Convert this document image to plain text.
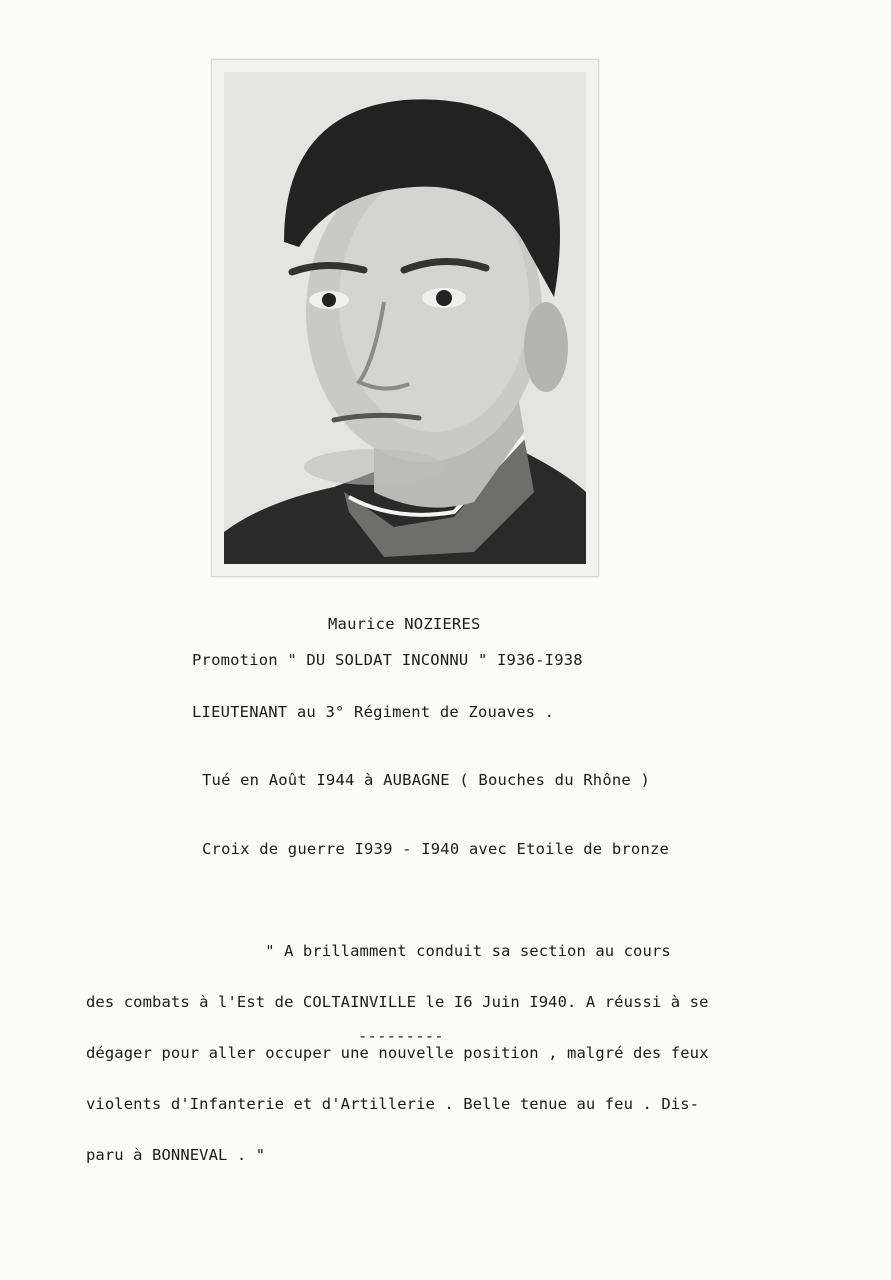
Maurice NOZIERES
Promotion " DU SOLDAT INCONNU " I936-I938
LIEUTENANT au 3° Régiment de Zouaves .
Tué en Août I944 à AUBAGNE ( Bouches du Rhône )
Croix de guerre I939 - I940 avec Etoile de bronze

" A brillamment conduit sa section au cours

des combats à l'Est de COLTAINVILLE le I6 Juin I940. A réussi à se

dégager pour aller occuper une nouvelle position , malgré des feux

violents d'Infanterie et d'Artillerie . Belle tenue au feu . Dis-

paru à BONNEVAL . "

---------
